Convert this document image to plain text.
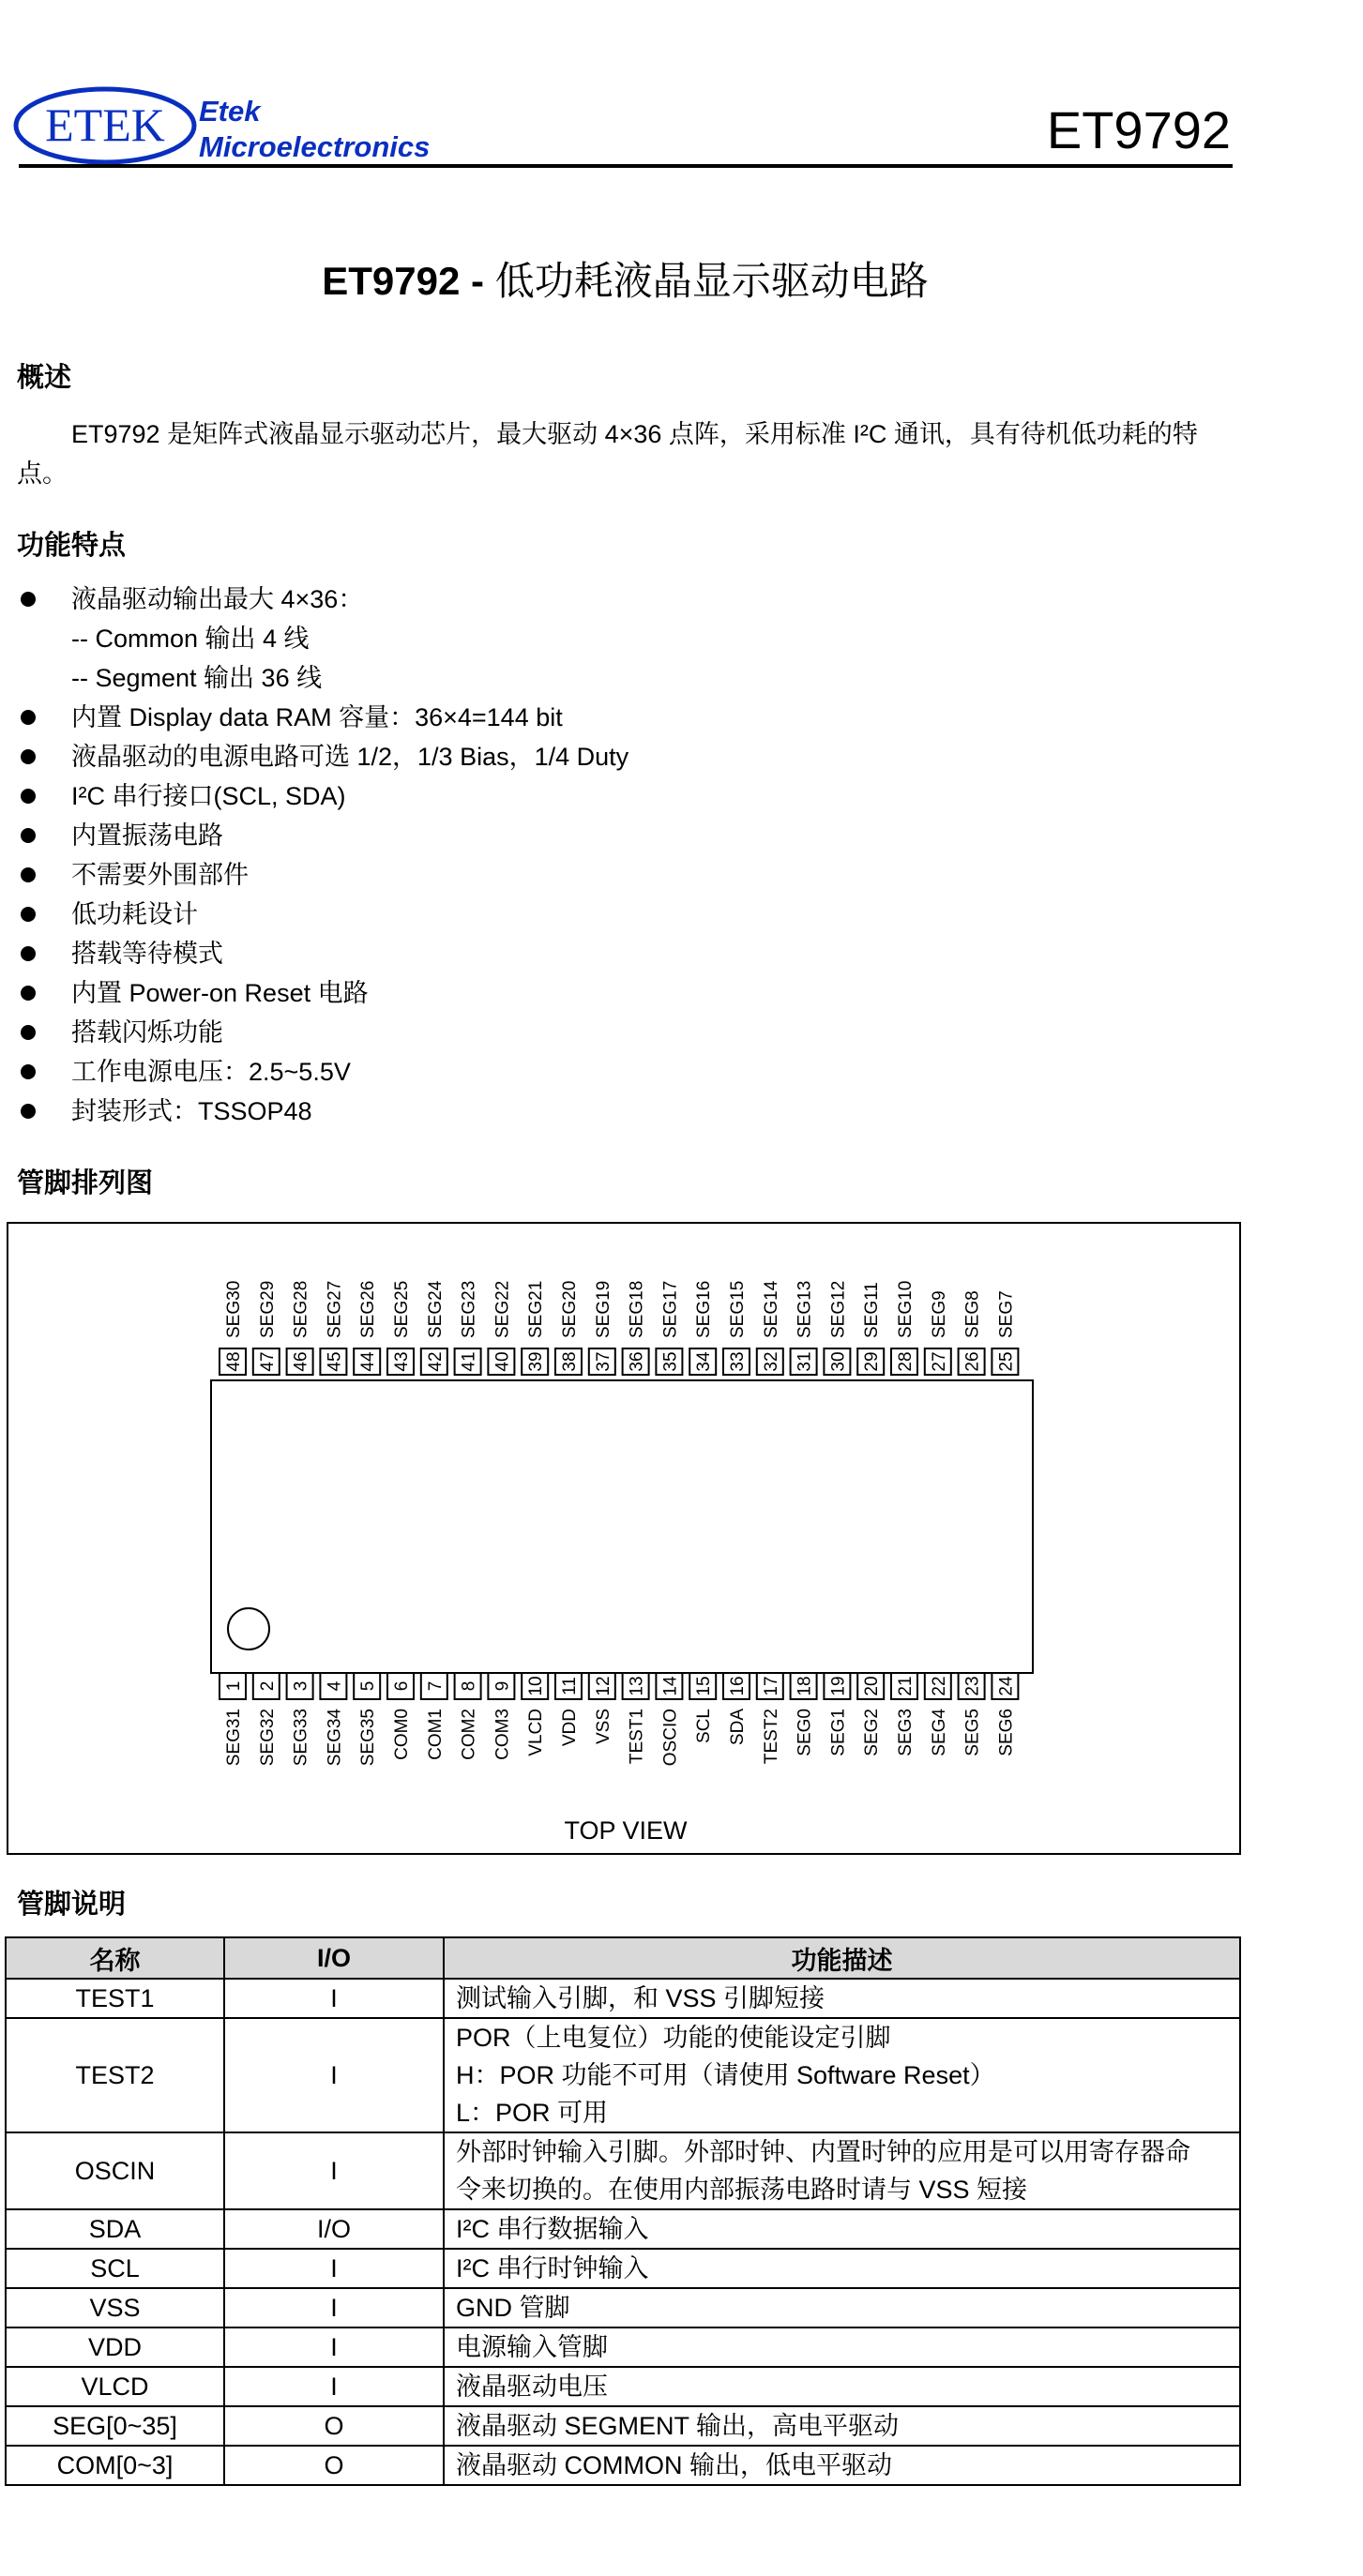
ETEK Etek
Microelectronics	ET9792
ET9792 - 低功耗液晶显示驱动电路
概述
ET9792 是矩阵式液晶显示驱动芯片，最大驱动 4×36 点阵，采用标准 I²C 通讯，具有待机低功耗的特点。
功能特点
液晶驱动输出最大 4×36：
-- Common 输出 4 线
-- Segment 输出 36 线
内置 Display data RAM 容量：36×4=144 bit
液晶驱动的电源电路可选 1/2，1/3 Bias，1/4 Duty
I²C 串行接口(SCL, SDA)
内置振荡电路
不需要外围部件
低功耗设计
搭载等待模式
内置 Power-on Reset 电路
搭载闪烁功能
工作电源电压：2.5~5.5V
封装形式：TSSOP48
管脚排列图
48
SEG30
47
SEG29
46
SEG28
45
SEG27
44
SEG26
43
SEG25
42
SEG24
41
SEG23
40
SEG22
39
SEG21
38
SEG20
37
SEG19
36
SEG18
35
SEG17
34
SEG16
33
SEG15
32
SEG14
31
SEG13
30
SEG12
29
SEG11
28
SEG10
27
SEG9
26
SEG8
25
SEG7
1
SEG31
2
SEG32
3
SEG33
4
SEG34
5
SEG35
6
COM0
7
COM1
8
COM2
9
COM3
10
VLCD
11
VDD
12
VSS
13
TEST1
14
OSCIO
15
SCL
16
SDA
17
TEST2
18
SEG0
19
SEG1
20
SEG2
21
SEG3
22
SEG4
23
SEG5
24
SEG6
TOP VIEW
管脚说明
名称	I/O	功能描述
TEST1	I	测试输入引脚，和 VSS 引脚短接

TEST2	I	POR（上电复位）功能的使能设定引脚
H：POR 功能不可用（请使用 Software Reset）
L：POR 可用

OSCIN	I	外部时钟输入引脚。外部时钟、内置时钟的应用是可以用寄存器命
令来切换的。在使用内部振荡电路时请与 VSS 短接

SDA	I/O	I²C 串行数据输入

SCL	I	I²C 串行时钟输入

VSS	I	GND 管脚

VDD	I	电源输入管脚

VLCD	I	液晶驱动电压

SEG[0~35]	O	液晶驱动 SEGMENT 输出，高电平驱动

COM[0~3]	O	液晶驱动 COMMON 输出，低电平驱动
